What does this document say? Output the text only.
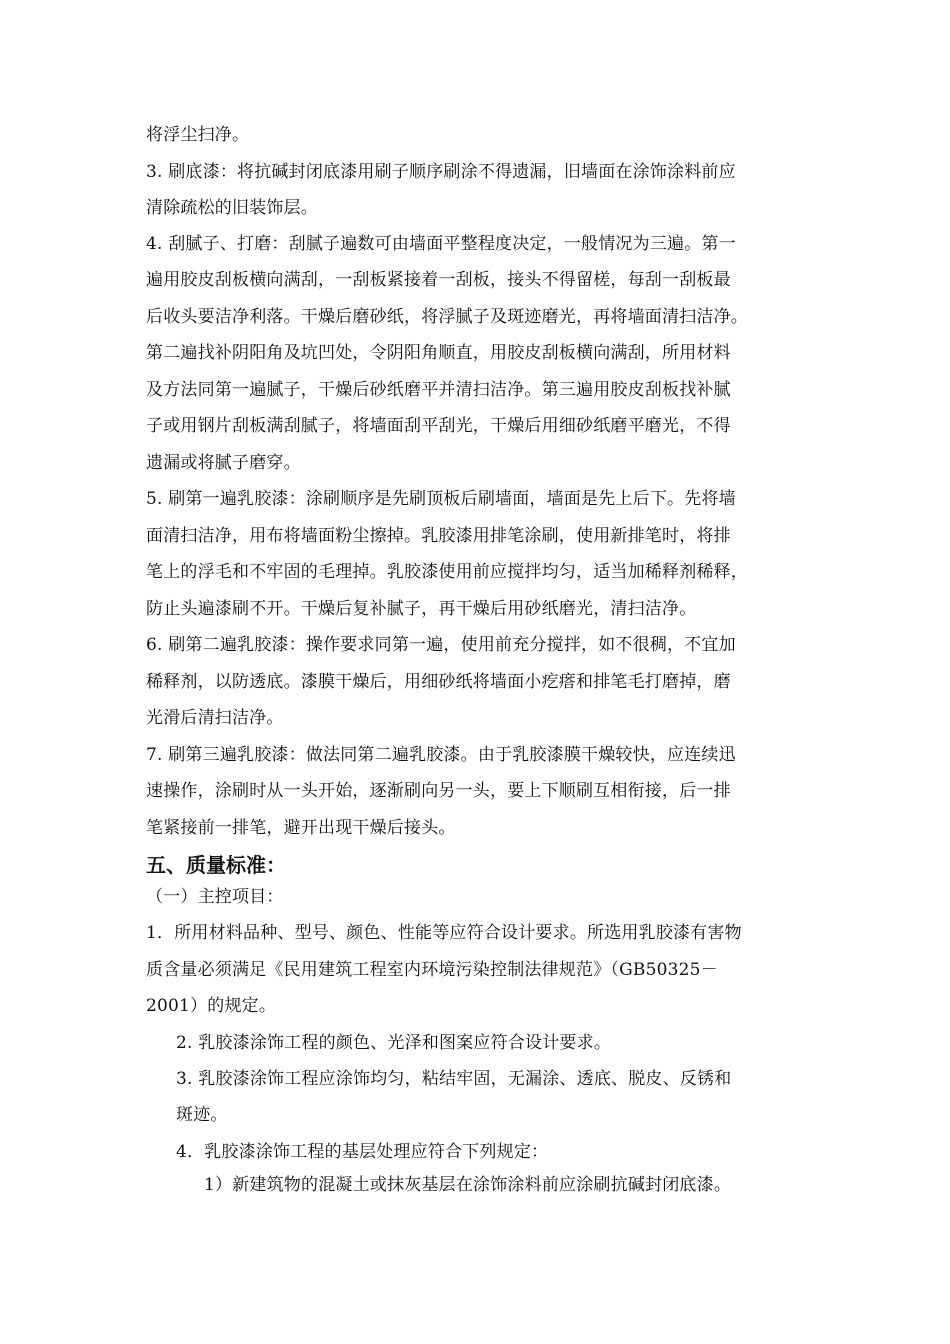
将浮尘扫净。
3. 刷底漆：将抗碱封闭底漆用刷子顺序刷涂不得遗漏，旧墙面在涂饰涂料前应
清除疏松的旧装饰层。
4. 刮腻子、打磨：刮腻子遍数可由墙面平整程度决定，一般情况为三遍。第一
遍用胶皮刮板横向满刮，一刮板紧接着一刮板，接头不得留槎，每刮一刮板最
后收头要洁净利落。干燥后磨砂纸，将浮腻子及斑迹磨光，再将墙面清扫洁净。
第二遍找补阴阳角及坑凹处，令阴阳角顺直，用胶皮刮板横向满刮，所用材料
及方法同第一遍腻子，干燥后砂纸磨平并清扫洁净。第三遍用胶皮刮板找补腻
子或用钢片刮板满刮腻子，将墙面刮平刮光，干燥后用细砂纸磨平磨光，不得
遗漏或将腻子磨穿。
5. 刷第一遍乳胶漆：涂刷顺序是先刷顶板后刷墙面，墙面是先上后下。先将墙
面清扫洁净，用布将墙面粉尘擦掉。乳胶漆用排笔涂刷，使用新排笔时，将排
笔上的浮毛和不牢固的毛理掉。乳胶漆使用前应搅拌均匀，适当加稀释剂稀释，
防止头遍漆刷不开。干燥后复补腻子，再干燥后用砂纸磨光，清扫洁净。
6. 刷第二遍乳胶漆：操作要求同第一遍，使用前充分搅拌，如不很稠，不宜加
稀释剂，以防透底。漆膜干燥后，用细砂纸将墙面小疙瘩和排笔毛打磨掉，磨
光滑后清扫洁净。
7. 刷第三遍乳胶漆：做法同第二遍乳胶漆。由于乳胶漆膜干燥较快，应连续迅
速操作，涂刷时从一头开始，逐渐刷向另一头，要上下顺刷互相衔接，后一排
笔紧接前一排笔，避开出现干燥后接头。
五、质量标准：
（一）主控项目：
1．所用材料品种、型号、颜色、性能等应符合设计要求。所选用乳胶漆有害物
质含量必须满足《民用建筑工程室内环境污染控制法律规范》（GB50325－
2001）的规定。
2. 乳胶漆涂饰工程的颜色、光泽和图案应符合设计要求。
3. 乳胶漆涂饰工程应涂饰均匀，粘结牢固，无漏涂、透底、脱皮、反锈和
斑迹。
4．乳胶漆涂饰工程的基层处理应符合下列规定：
1）新建筑物的混凝土或抹灰基层在涂饰涂料前应涂刷抗碱封闭底漆。
